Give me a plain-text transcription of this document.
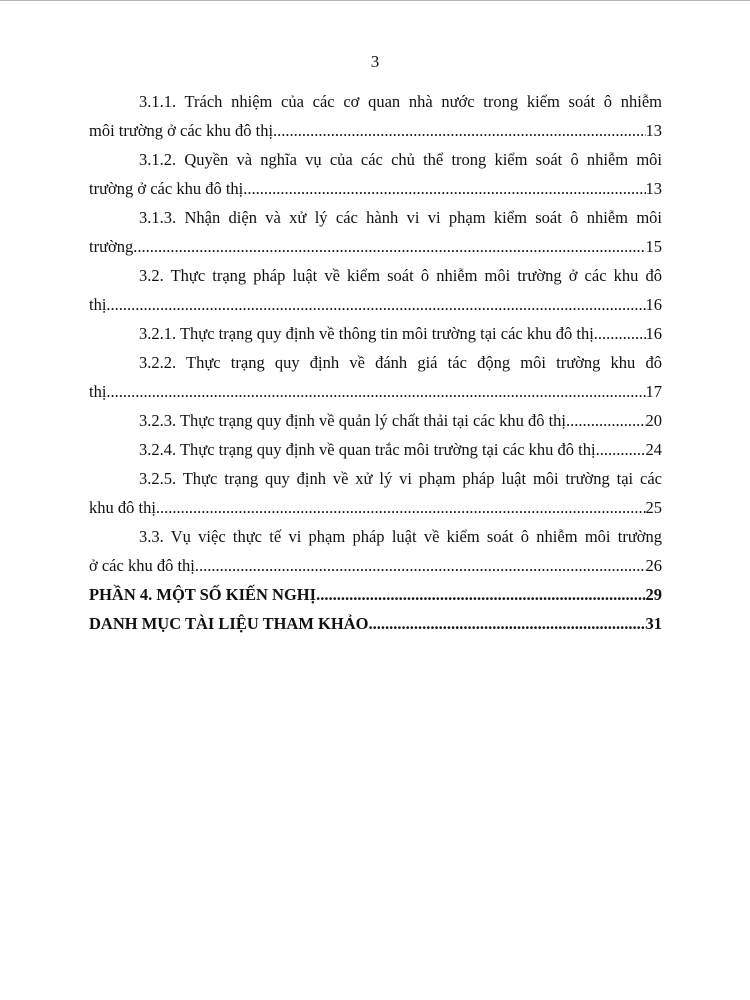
3
3.1.1. Trách nhiệm của các cơ quan nhà nước trong kiểm soát ô nhiễm
môi trường ở các khu đô thị .....	13
3.1.2. Quyền và nghĩa vụ của các chủ thể trong kiểm soát ô nhiễm môi
trường ở các khu đô thị .....	13
3.1.3. Nhận diện và xử lý các hành vi vi phạm kiểm soát ô nhiễm môi
trường .....	15
3.2. Thực trạng pháp luật về kiểm soát ô nhiễm môi trường ở các khu đô
thị .....	16
3.2.1. Thực trạng quy định về thông tin môi trường tại các khu đô thị .....	16
3.2.2. Thực trạng quy định về đánh giá tác động môi trường khu đô
thị .....	17
3.2.3. Thực trạng quy định về quản lý chất thải tại các khu đô thị .....	20
3.2.4. Thực trạng quy định về quan trắc môi trường tại các khu đô thị .....	24
3.2.5. Thực trạng quy định về xử lý vi phạm pháp luật môi trường tại các
khu đô thị .....	25
3.3. Vụ việc thực tế vi phạm pháp luật về kiểm soát ô nhiễm môi trường
ở các khu đô thị .....	26
PHẦN 4. MỘT SỐ KIẾN NGHỊ .....	29
DANH MỤC TÀI LIỆU THAM KHẢO .....	31
